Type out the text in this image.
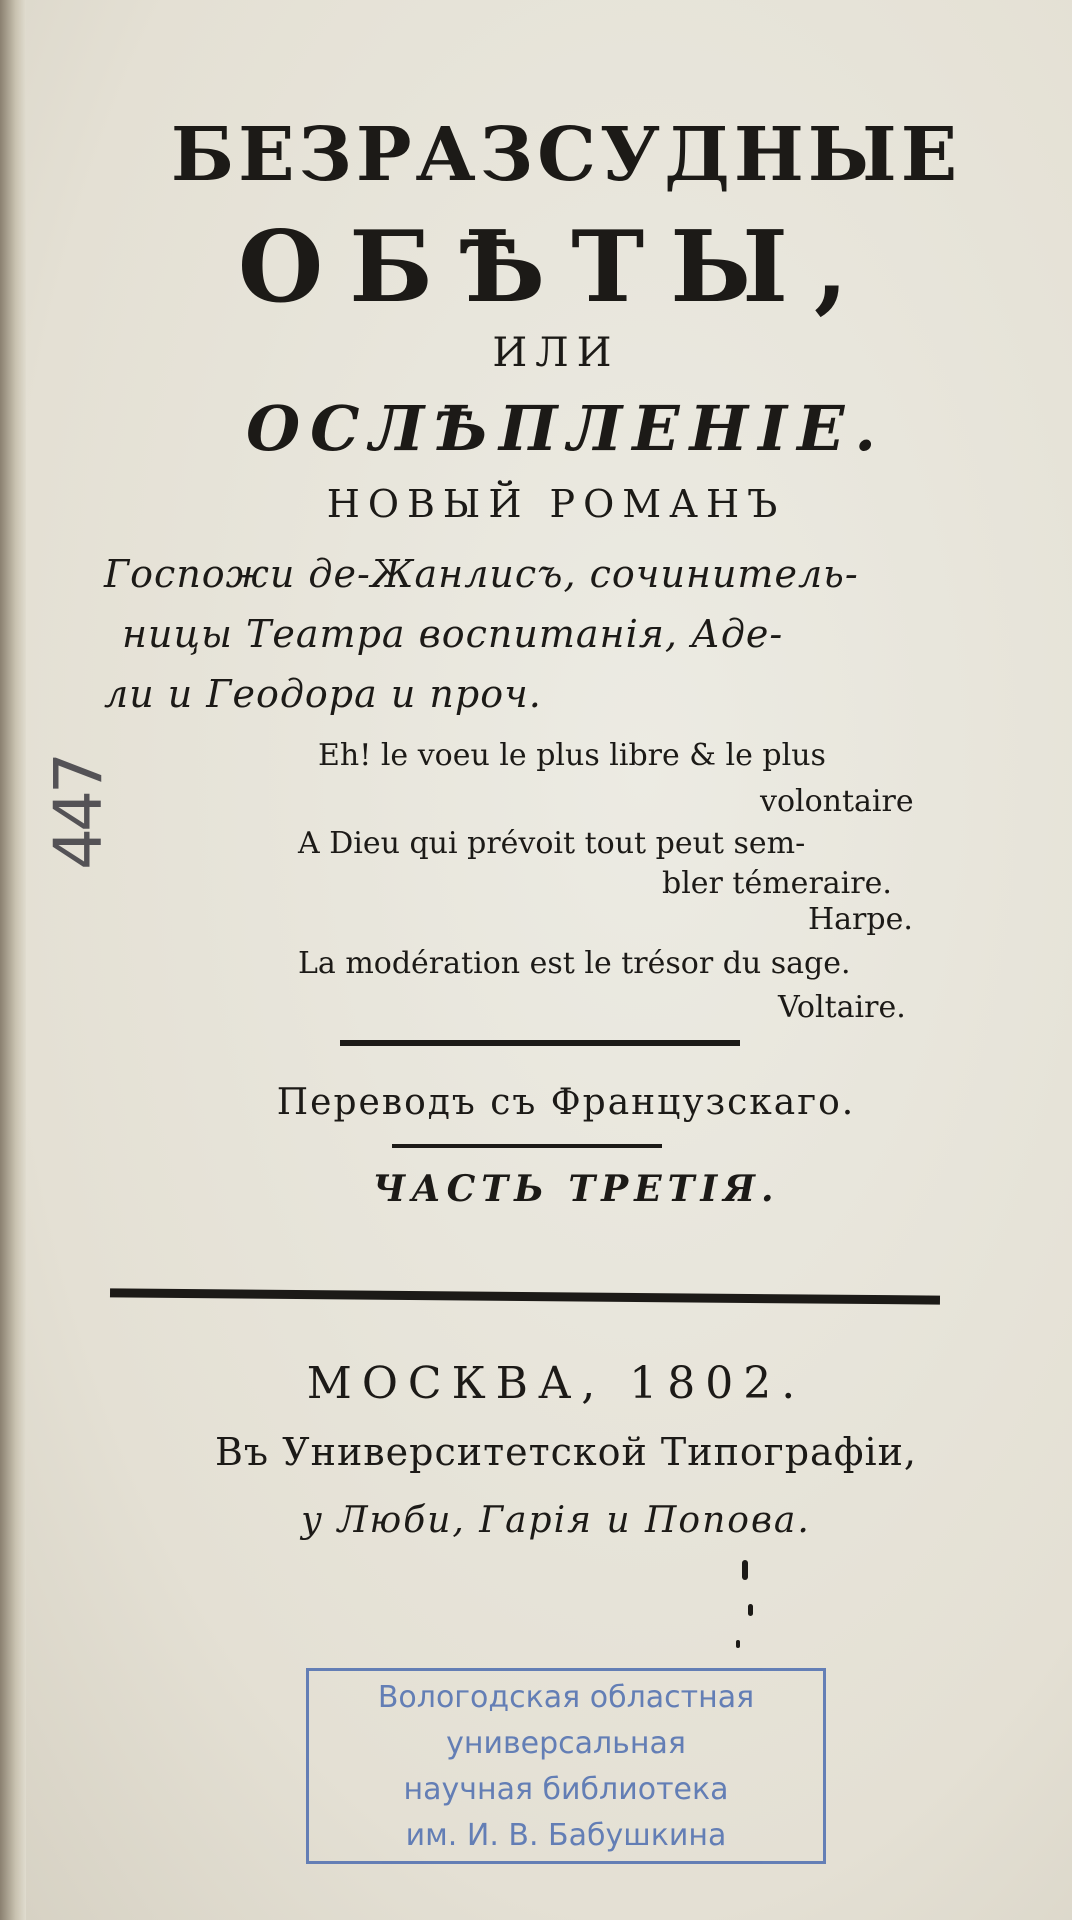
БЕЗРАЗСУДНЫЕ
ОБѢТЫ,
ИЛИ
ОСЛѢПЛЕНІЕ.
НОВЫЙ РОМАНЪ
Госпожи де-Жанлисъ, сочинитель-
ницы Театра воспитанія, Аде-
ли и Геодора и проч.
Eh! le voeu le plus libre & le plus
volontaire
A Dieu qui prévoit tout peut sem-
bler témeraire.
Harpe.
La modération est le trésor du sage.
Voltaire.
Переводъ съ Французскаго.
ЧАСТЬ ТРЕТІЯ.
МОСКВА, 1802.
Въ Университетской Типографіи,
у Люби, Гарія и Попова.
447
Вологодская областная
универсальная
научная библиотека
им. И. В. Бабушкина
